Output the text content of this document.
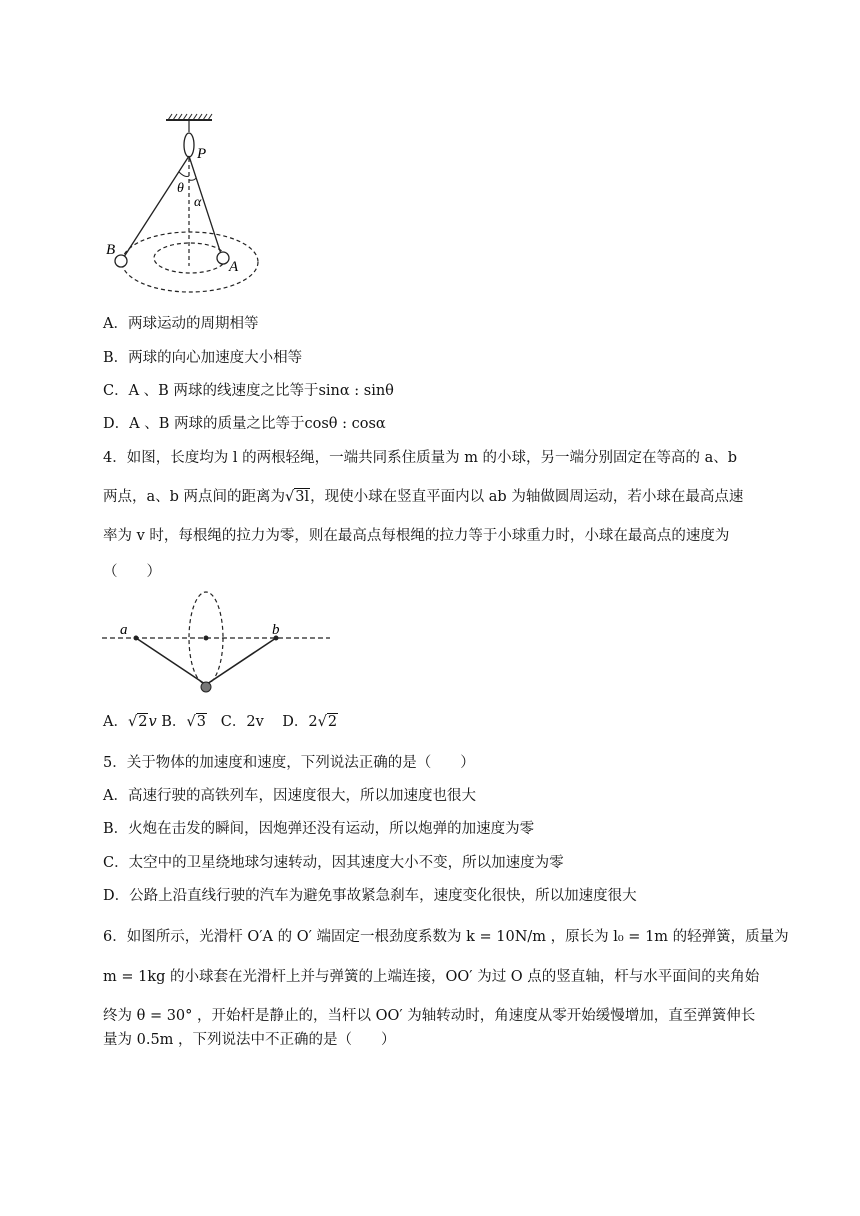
P
θ
α
B
A
A．两球运动的周期相等
B．两球的向心加速度大小相等
C．A 、B 两球的线速度之比等于sinα : sinθ
D．A 、B 两球的质量之比等于cosθ : cosα
4．如图，长度均为 l 的两根轻绳，一端共同系住质量为 m 的小球，另一端分别固定在等高的 a、b
两点，a、b 两点间的距离为√3l，现使小球在竖直平面内以 ab 为轴做圆周运动，若小球在最高点速
率为 v 时，每根绳的拉力为零，则在最高点每根绳的拉力等于小球重力时，小球在最高点的速度为
（　　）
a	b
A．√2v B．√3 C．2v D．2√2
5．关于物体的加速度和速度，下列说法正确的是（　　）
A．高速行驶的高铁列车，因速度很大，所以加速度也很大
B．火炮在击发的瞬间，因炮弹还没有运动，所以炮弹的加速度为零
C．太空中的卫星绕地球匀速转动，因其速度大小不变，所以加速度为零
D．公路上沿直线行驶的汽车为避免事故紧急刹车，速度变化很快，所以加速度很大
6．如图所示，光滑杆 O′A 的 O′ 端固定一根劲度系数为 k = 10N/m ，原长为 l₀ = 1m 的轻弹簧，质量为
m = 1kg 的小球套在光滑杆上并与弹簧的上端连接，OO′ 为过 O 点的竖直轴，杆与水平面间的夹角始
终为 θ = 30° ，开始杆是静止的，当杆以 OO′ 为轴转动时，角速度从零开始缓慢增加，直至弹簧伸长
量为 0.5m ，下列说法中不正确的是（　　）
